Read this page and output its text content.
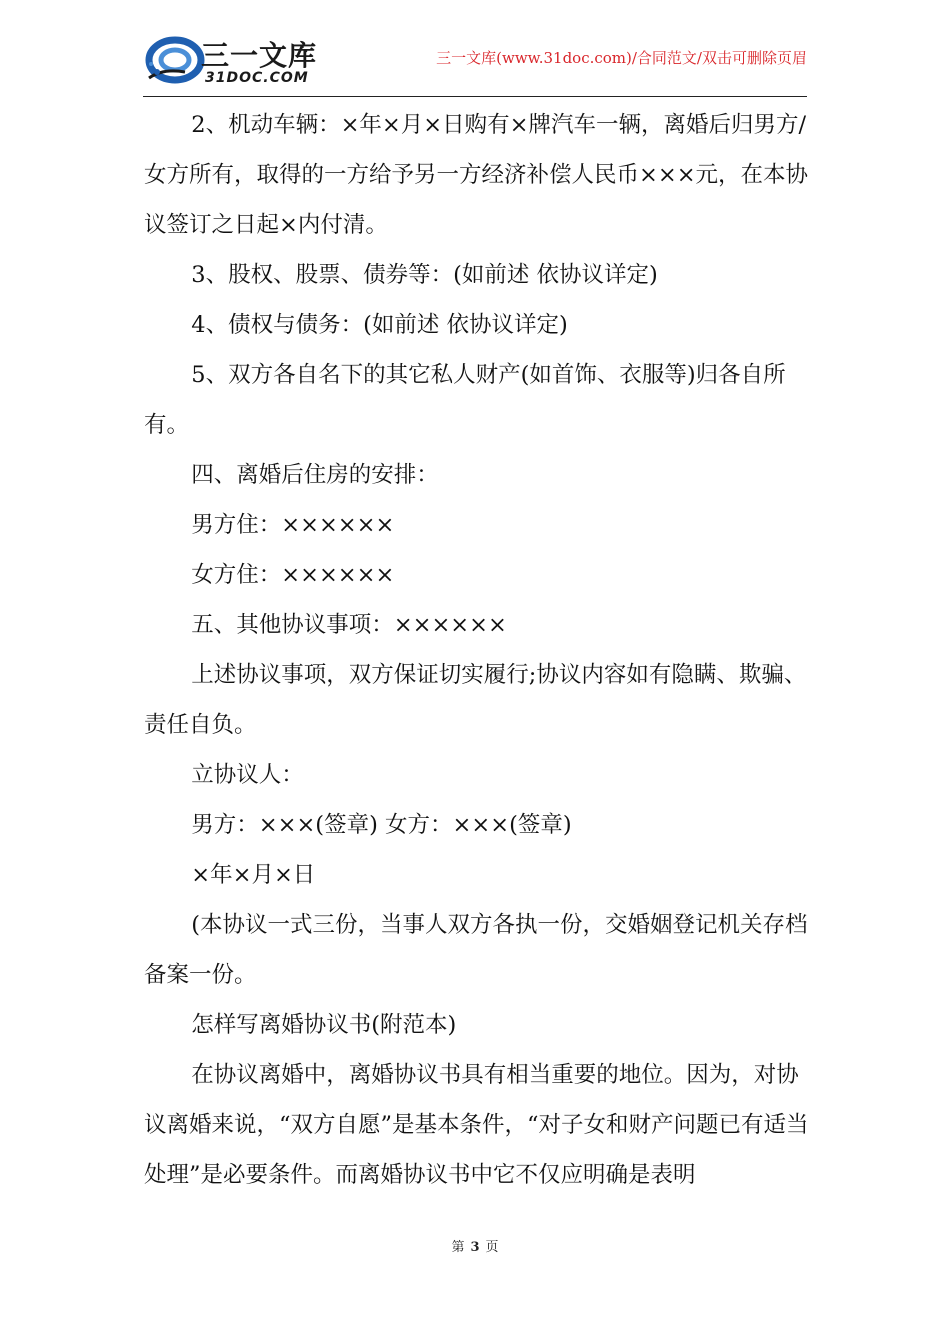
三一文库
31DOC.COM
三一文库(www.31doc.com)/合同范文/双击可删除页眉

2、机动车辆：×年×月×日购有×牌汽车一辆，离婚后归男方/女方所有，取得的一方给予另一方经济补偿人民币×××元，在本协议签订之日起×内付清。

3、股权、股票、债券等：(如前述 依协议详定)

4、债权与债务：(如前述 依协议详定)

5、双方各自名下的其它私人财产(如首饰、衣服等)归各自所有。

四、离婚后住房的安排：

男方住：××××××

女方住：××××××

五、其他协议事项：××××××

上述协议事项，双方保证切实履行;协议内容如有隐瞒、欺骗、责任自负。

立协议人：

男方：×××(签章) 女方：×××(签章)

×年×月×日

(本协议一式三份，当事人双方各执一份，交婚姻登记机关存档备案一份。

怎样写离婚协议书(附范本)

在协议离婚中，离婚协议书具有相当重要的地位。因为，对协议离婚来说，“双方自愿”是基本条件，“对子女和财产问题已有适当处理”是必要条件。而离婚协议书中它不仅应明确是表明

第 3 页
